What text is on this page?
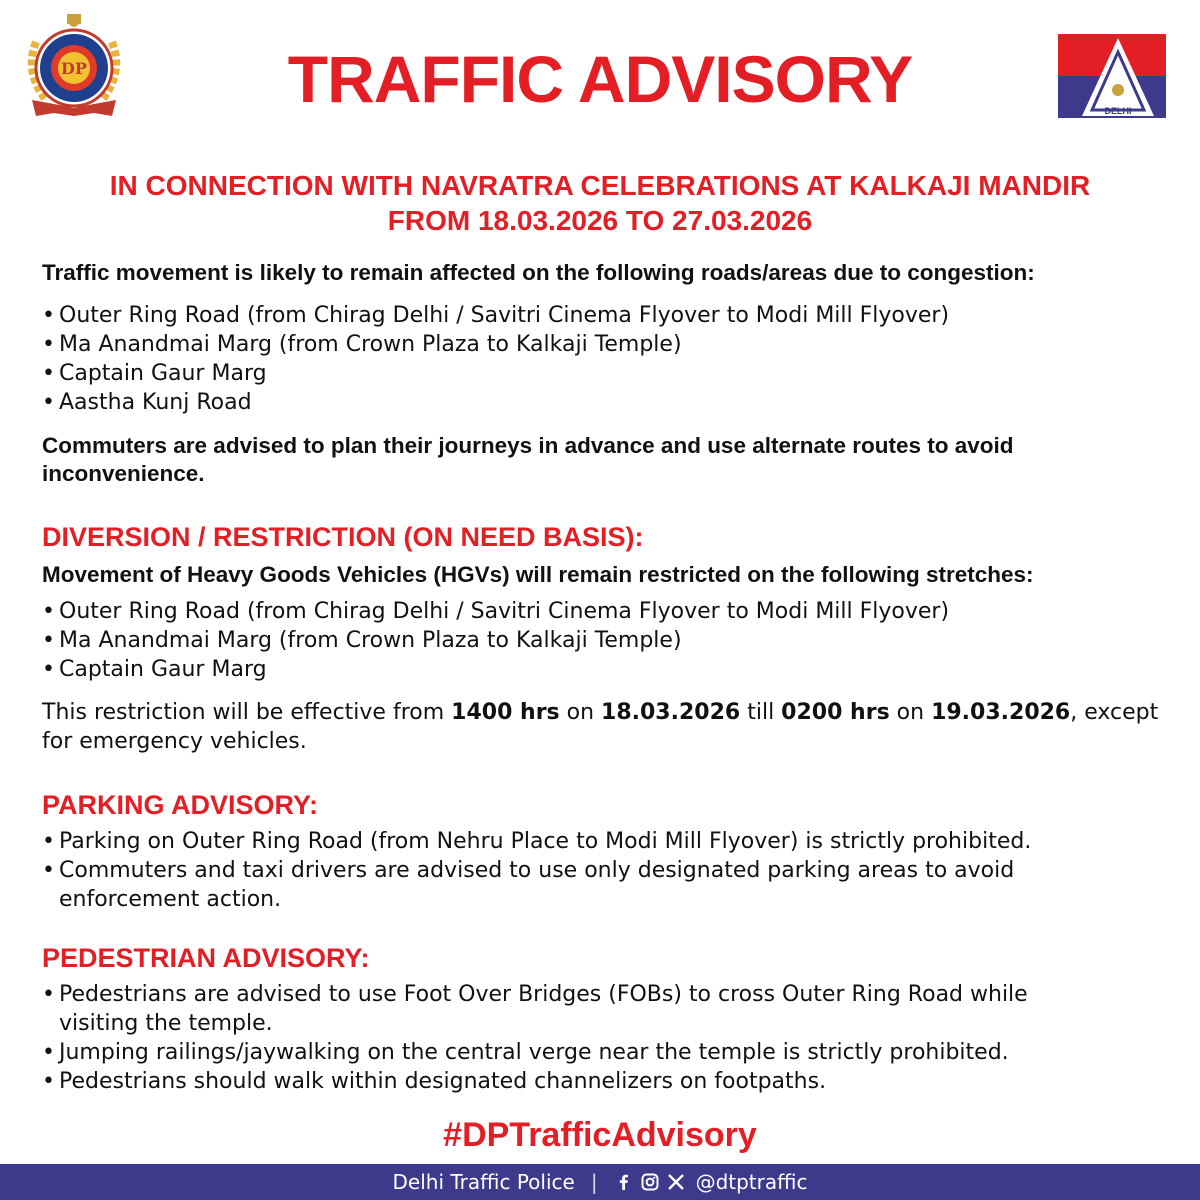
DP	TRAFFIC ADVISORY	DELHI
IN CONNECTION WITH NAVRATRA CELEBRATIONS AT KALKAJI MANDIR
FROM 18.03.2026 TO 27.03.2026

Traffic movement is likely to remain affected on the following roads/areas due to congestion:

• Outer Ring Road (from Chirag Delhi / Savitri Cinema Flyover to Modi Mill Flyover)
• Ma Anandmai Marg (from Crown Plaza to Kalkaji Temple)
• Captain Gaur Marg
• Aastha Kunj Road

Commuters are advised to plan their journeys in advance and use alternate routes to avoid inconvenience.

DIVERSION / RESTRICTION (ON NEED BASIS):

Movement of Heavy Goods Vehicles (HGVs) will remain restricted on the following stretches:

• Outer Ring Road (from Chirag Delhi / Savitri Cinema Flyover to Modi Mill Flyover)
• Ma Anandmai Marg (from Crown Plaza to Kalkaji Temple)
• Captain Gaur Marg

This restriction will be effective from 1400 hrs on 18.03.2026 till 0200 hrs on 19.03.2026, except for emergency vehicles.

PARKING ADVISORY:
• Parking on Outer Ring Road (from Nehru Place to Modi Mill Flyover) is strictly prohibited.
• Commuters and taxi drivers are advised to use only designated parking areas to avoid enforcement action.
PEDESTRIAN ADVISORY:
• Pedestrians are advised to use Foot Over Bridges (FOBs) to cross Outer Ring Road while visiting the temple.
• Jumping railings/jaywalking on the central verge near the temple is strictly prohibited.
• Pedestrians should walk within designated channelizers on footpaths.
#DPTrafficAdvisory
Delhi Traffic Police |	@dtptraffic
